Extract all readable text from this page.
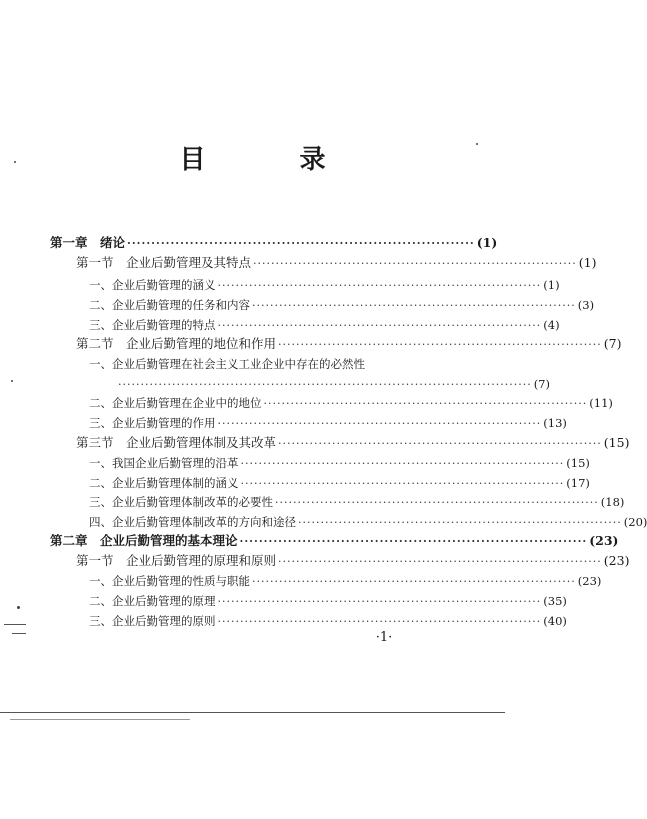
目　录
第一章　绪论 ········································································ (1)
第一节　企业后勤管理及其特点 ········································································ (1)
一、企业后勤管理的涵义 ········································································ (1)
二、企业后勤管理的任务和内容 ········································································ (3)
三、企业后勤管理的特点 ········································································ (4)
第二节　企业后勤管理的地位和作用 ········································································ (7)
一、企业后勤管理在社会主义工业企业中存在的必然性
···························································································· (7)
二、企业后勤管理在企业中的地位 ········································································ (11)
三、企业后勤管理的作用 ········································································ (13)
第三节　企业后勤管理体制及其改革 ········································································ (15)
一、我国企业后勤管理的沿革 ········································································ (15)
二、企业后勤管理体制的涵义 ········································································ (17)
三、企业后勤管理体制改革的必要性 ········································································ (18)
四、企业后勤管理体制改革的方向和途径 ········································································ (20)
第二章　企业后勤管理的基本理论 ········································································ (23)
第一节　企业后勤管理的原理和原则 ········································································ (23)
一、企业后勤管理的性质与职能 ········································································ (23)
二、企业后勤管理的原理 ········································································ (35)
三、企业后勤管理的原则 ········································································ (40)
·1·
